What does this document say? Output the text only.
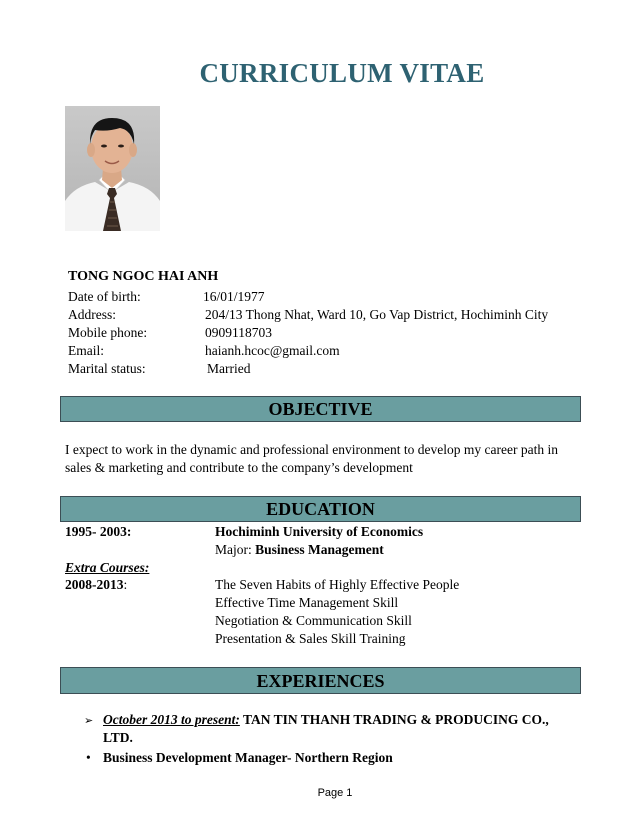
CURRICULUM VITAE
TONG NGOC HAI ANH
Date of birth:	16/01/1977
Address:	204/13 Thong Nhat, Ward 10, Go Vap District, Hochiminh City
Mobile phone:	0909118703
Email:	haianh.hcoc@gmail.com
Marital status:	Married
OBJECTIVE
I expect to work in the dynamic and professional environment to develop my career path in
sales & marketing and contribute to the company’s development
EDUCATION
1995- 2003:	Hochiminh University of Economics
Major: Business Management
Extra Courses:
2008-2013:	The Seven Habits of Highly Effective People
Effective Time Management Skill
Negotiation & Communication Skill
Presentation & Sales Skill Training
EXPERIENCES
➢ October 2013 to present: TAN TIN THANH TRADING & PRODUCING CO.,
LTD.
• Business Development Manager- Northern Region
Page 1
